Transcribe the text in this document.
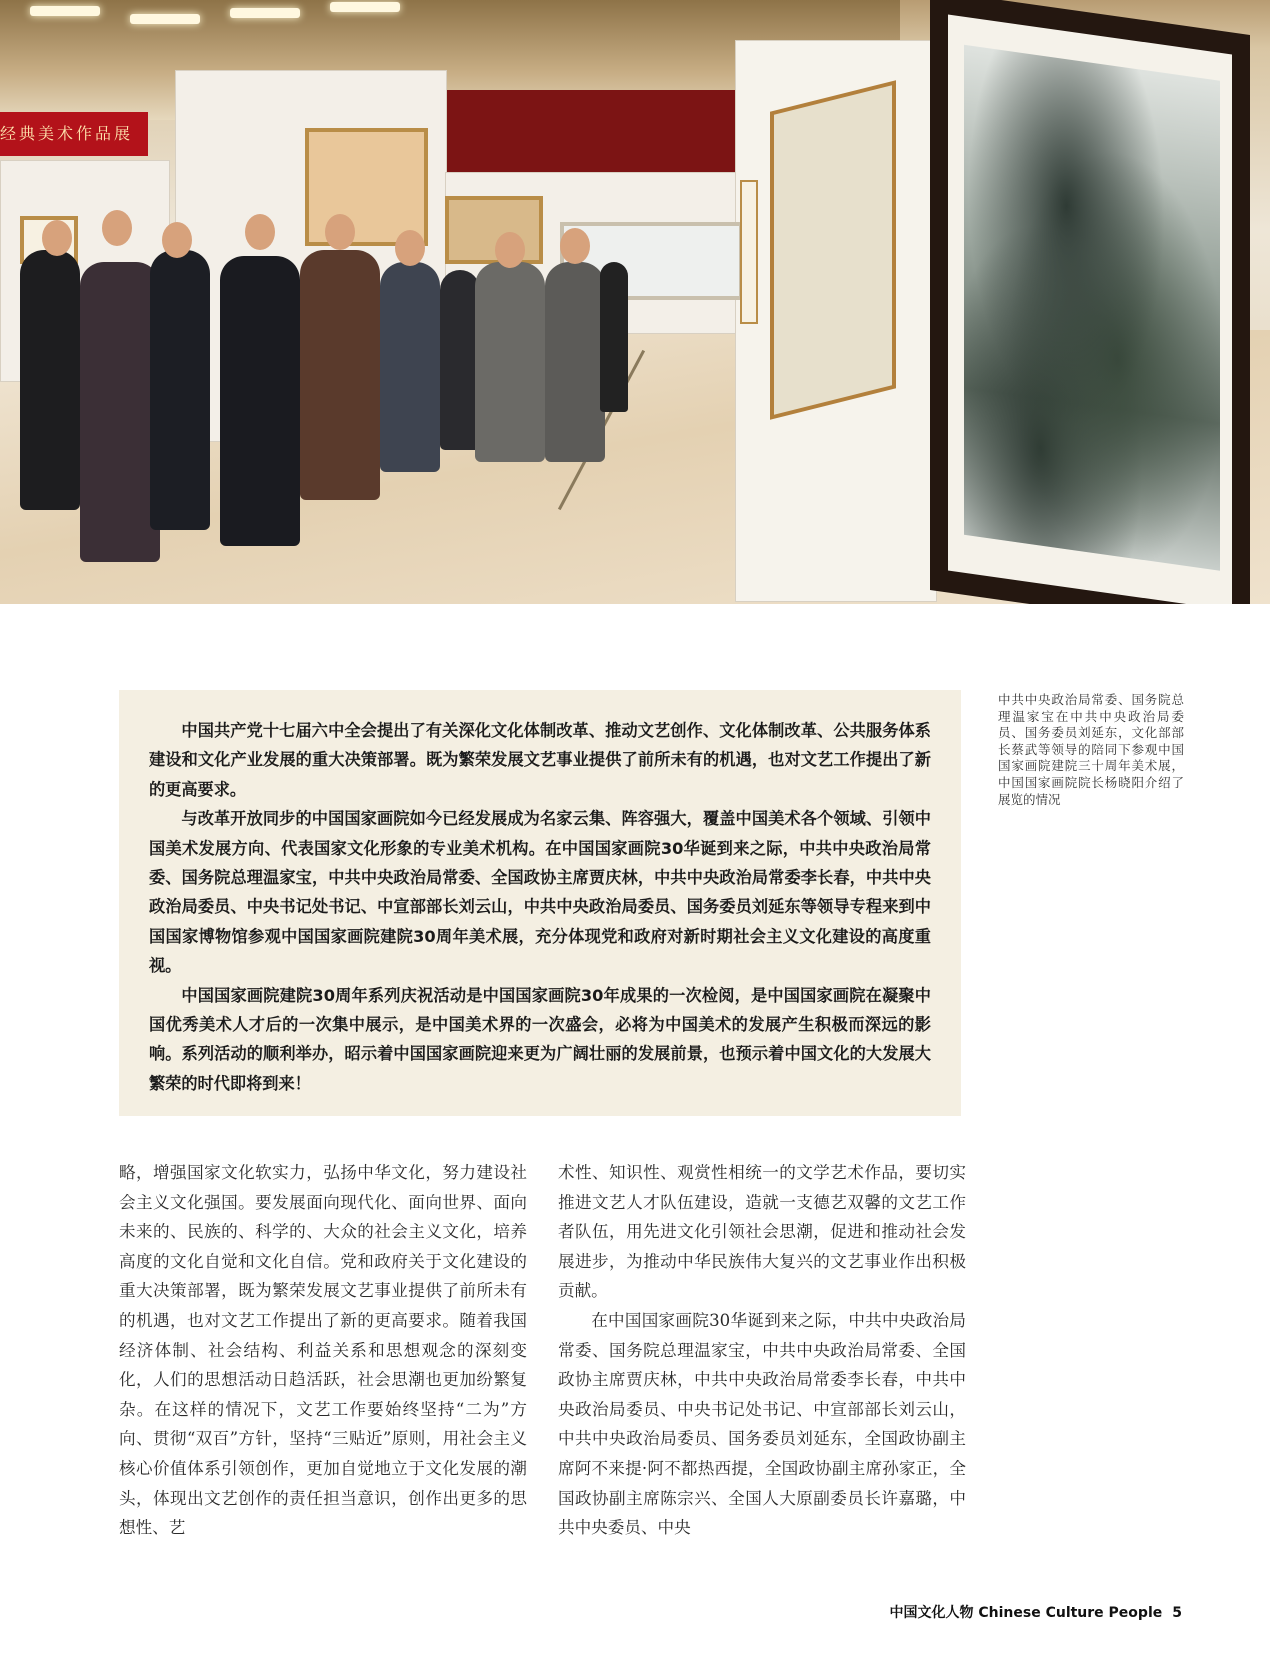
经典美术作品展
中共中央政治局常委、国务院总理温家宝在中共中央政治局委员、国务委员刘延东，文化部部长蔡武等领导的陪同下参观中国国家画院建院三十周年美术展，中国国家画院院长杨晓阳介绍了展览的情况

中国共产党十七届六中全会提出了有关深化文化体制改革、推动文艺创作、文化体制改革、公共服务体系建设和文化产业发展的重大决策部署。既为繁荣发展文艺事业提供了前所未有的机遇，也对文艺工作提出了新的更高要求。

与改革开放同步的中国国家画院如今已经发展成为名家云集、阵容强大，覆盖中国美术各个领域、引领中国美术发展方向、代表国家文化形象的专业美术机构。在中国国家画院30华诞到来之际，中共中央政治局常委、国务院总理温家宝，中共中央政治局常委、全国政协主席贾庆林，中共中央政治局常委李长春，中共中央政治局委员、中央书记处书记、中宣部部长刘云山，中共中央政治局委员、国务委员刘延东等领导专程来到中国国家博物馆参观中国国家画院建院30周年美术展，充分体现党和政府对新时期社会主义文化建设的高度重视。

中国国家画院建院30周年系列庆祝活动是中国国家画院30年成果的一次检阅，是中国国家画院在凝聚中国优秀美术人才后的一次集中展示，是中国美术界的一次盛会，必将为中国美术的发展产生积极而深远的影响。系列活动的顺利举办，昭示着中国国家画院迎来更为广阔壮丽的发展前景，也预示着中国文化的大发展大繁荣的时代即将到来！

略，增强国家文化软实力，弘扬中华文化，努力建设社会主义文化强国。要发展面向现代化、面向世界、面向未来的、民族的、科学的、大众的社会主义文化，培养高度的文化自觉和文化自信。党和政府关于文化建设的重大决策部署，既为繁荣发展文艺事业提供了前所未有的机遇，也对文艺工作提出了新的更高要求。随着我国经济体制、社会结构、利益关系和思想观念的深刻变化，人们的思想活动日趋活跃，社会思潮也更加纷繁复杂。在这样的情况下，文艺工作要始终坚持“二为”方向、贯彻“双百”方针，坚持“三贴近”原则，用社会主义核心价值体系引领创作，更加自觉地立于文化发展的潮头，体现出文艺创作的责任担当意识，创作出更多的思想性、艺

术性、知识性、观赏性相统一的文学艺术作品，要切实推进文艺人才队伍建设，造就一支德艺双馨的文艺工作者队伍，用先进文化引领社会思潮，促进和推动社会发展进步，为推动中华民族伟大复兴的文艺事业作出积极贡献。

在中国国家画院30华诞到来之际，中共中央政治局常委、国务院总理温家宝，中共中央政治局常委、全国政协主席贾庆林，中共中央政治局常委李长春，中共中央政治局委员、中央书记处书记、中宣部部长刘云山，中共中央政治局委员、国务委员刘延东，全国政协副主席阿不来提·阿不都热西提，全国政协副主席孙家正，全国政协副主席陈宗兴、全国人大原副委员长许嘉璐，中共中央委员、中央

中国文化人物 Chinese Culture People 5
